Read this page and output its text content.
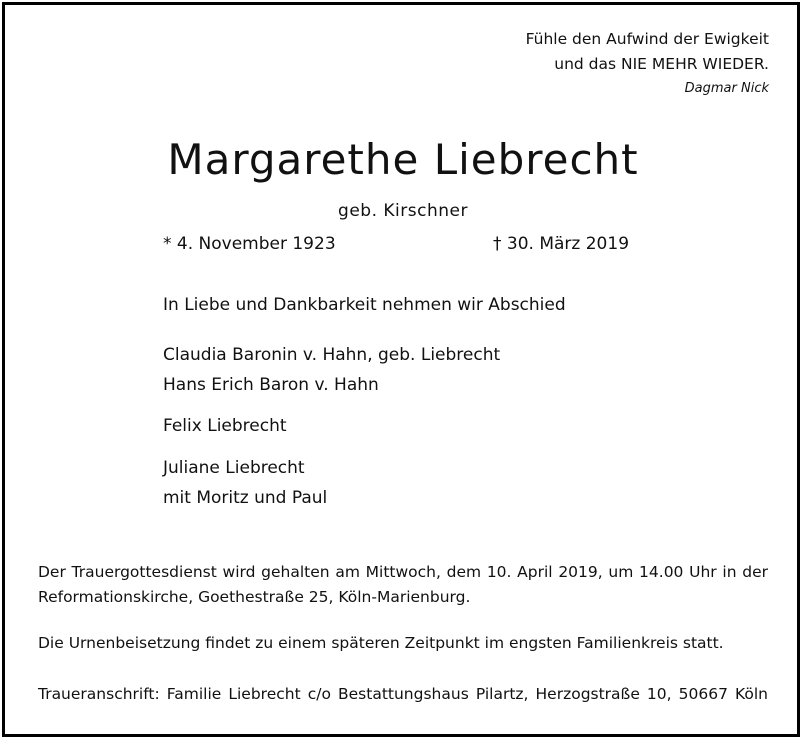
Fühle den Aufwind der Ewigkeit
und das NIE MEHR WIEDER.
Dagmar Nick
Margarethe Liebrecht
geb. Kirschner
* 4. November 1923	† 30. März 2019
In Liebe und Dankbarkeit nehmen wir Abschied
Claudia Baronin v. Hahn, geb. Liebrecht
Hans Erich Baron v. Hahn
Felix Liebrecht
Juliane Liebrecht
mit Moritz und Paul
Der Trauergottesdienst wird gehalten am Mittwoch, dem 10. April 2019, um 14.00 Uhr in der
Reformationskirche, Goethestraße 25, Köln-Marienburg.
Die Urnenbeisetzung findet zu einem späteren Zeitpunkt im engsten Familienkreis statt.
Traueranschrift: Familie Liebrecht c/o Bestattungshaus Pilartz, Herzogstraße 10, 50667 Köln
